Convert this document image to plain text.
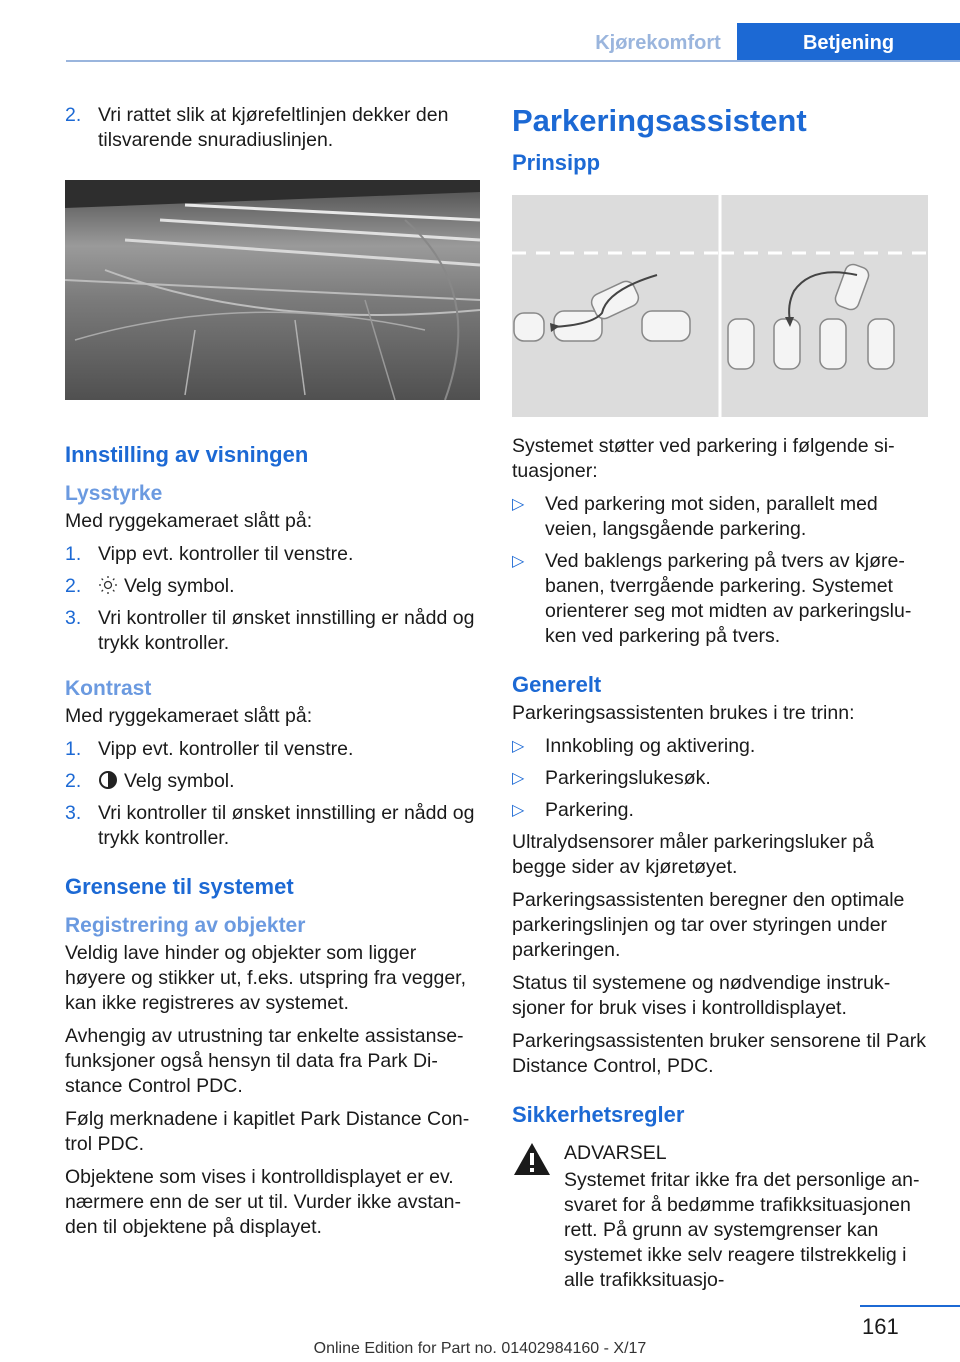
Kjørekomfort	Betjening
2. Vri rattet slik at kjørefeltlinjen dekker den tilsvarende snuradiuslinjen.
Innstilling av visningen
Lysstyrke

Med ryggekameraet slått på:

1. Vipp evt. kontroller til venstre.
2. Velg symbol.
3. Vri kontroller til ønsket innstilling er nådd og trykk kontroller.
Kontrast

Med ryggekameraet slått på:

1. Vipp evt. kontroller til venstre.
2. Velg symbol.
3. Vri kontroller til ønsket innstilling er nådd og trykk kontroller.
Grensene til systemet
Registrering av objekter

Veldig lave hinder og objekter som ligger høyere og stikker ut, f.eks. utspring fra vegger, kan ikke registreres av systemet.

Avhengig av utrustning tar enkelte assistanse-funksjoner også hensyn til data fra Park Di-stance Control PDC.

Følg merknadene i kapitlet Park Distance Con-trol PDC.

Objektene som vises i kontrolldisplayet er ev. nærmere enn de ser ut til. Vurder ikke avstan-den til objektene på displayet.

Parkeringsassistent
Prinsipp

Systemet støtter ved parkering i følgende si-tuasjoner:

▷ Ved parkering mot siden, parallelt med veien, langsgående parkering.
▷ Ved baklengs parkering på tvers av kjøre-banen, tverrgående parkering. Systemet orienterer seg mot midten av parkeringslu-ken ved parkering på tvers.
Generelt

Parkeringsassistenten brukes i tre trinn:

▷ Innkobling og aktivering.
▷ Parkeringslukesøk.
▷ Parkering.

Ultralydsensorer måler parkeringsluker på begge sider av kjøretøyet.

Parkeringsassistenten beregner den optimale parkeringslinjen og tar over styringen under parkeringen.

Status til systemene og nødvendige instruk-sjoner for bruk vises i kontrolldisplayet.

Parkeringsassistenten bruker sensorene til Park Distance Control, PDC.

Sikkerhetsregler

ADVARSEL

Systemet fritar ikke fra det personlige an-svaret for å bedømme trafikksituasjonen rett. På grunn av systemgrenser kan systemet ikke selv reagere tilstrekkelig i alle trafikksituasjo-

161
Online Edition for Part no. 01402984160 - X/17
